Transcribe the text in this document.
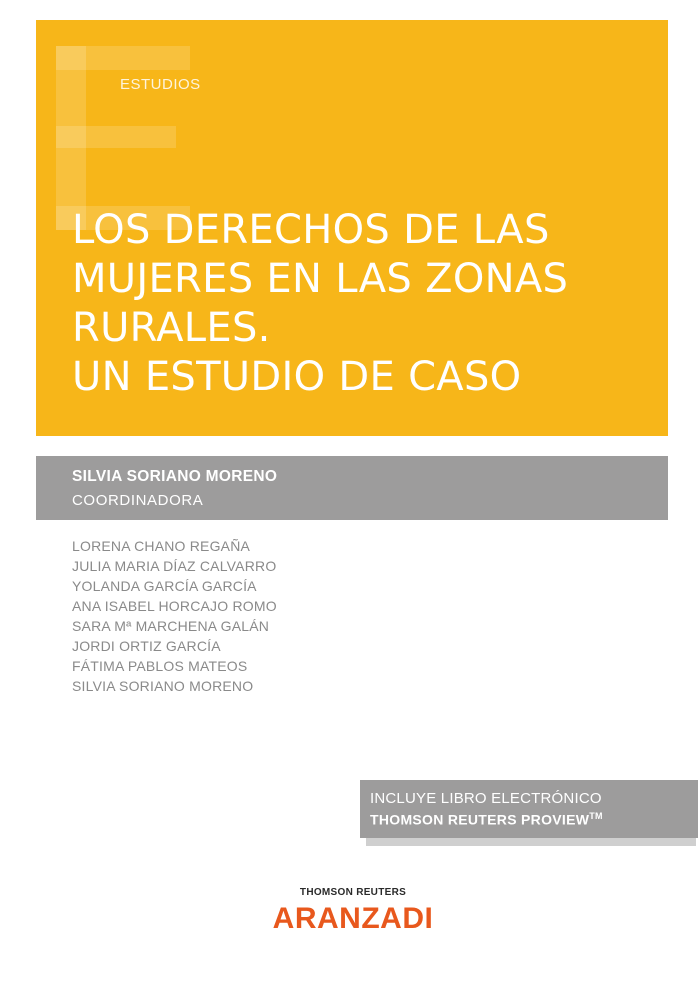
ESTUDIOS
LOS DERECHOS DE LAS
MUJERES EN LAS ZONAS
RURALES.
UN ESTUDIO DE CASO
SILVIA SORIANO MORENO
COORDINADORA
LORENA CHANO REGAÑA
JULIA MARIA DÍAZ CALVARRO
YOLANDA GARCÍA GARCÍA
ANA ISABEL HORCAJO ROMO
SARA Mª MARCHENA GALÁN
JORDI ORTIZ GARCÍA
FÁTIMA PABLOS MATEOS
SILVIA SORIANO MORENO
INCLUYE LIBRO ELECTRÓNICO
THOMSON REUTERS PROVIEW™
THOMSON REUTERS
ARANZADI
